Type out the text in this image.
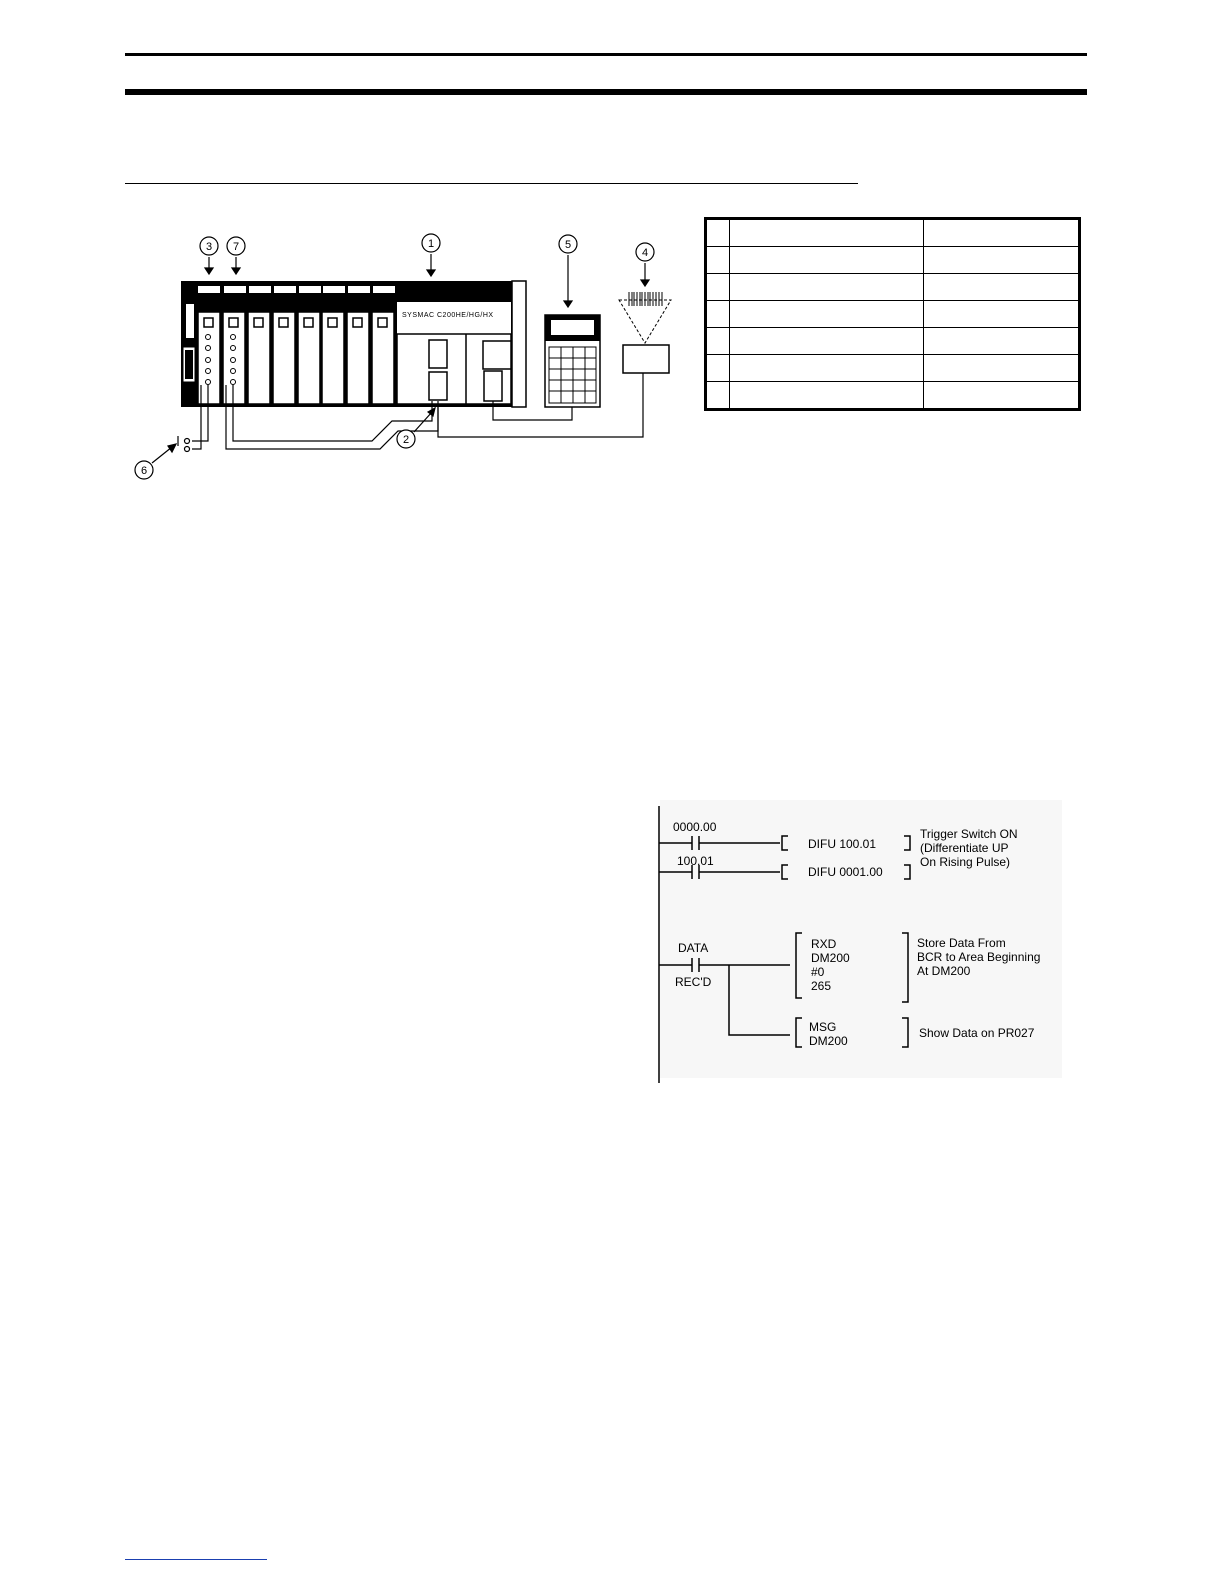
SYSMAC C200HE/HG/HX
1
2
3	4
5
6
7

0000.00
DIFU 100.01
100.01
DIFU 0001.00
Trigger Switch ON
(Differentiate UP
On Rising Pulse)
DATA
REC'D
RXD
DM200
#0
265
Store Data From
BCR to Area Beginning
At DM200
MSG
DM200
Show Data on PR027
